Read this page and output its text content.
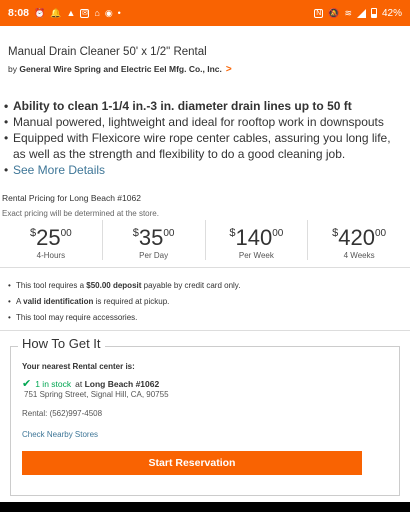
8:08 ⏰ 🔔 ▲ ✉ ⌂ ◉ •	N 🔕 ≋	42%
Manual Drain Cleaner 50' x 1/2" Rental
by General Wire Spring and Electric Eel Mfg. Co., Inc. >
• Ability to clean 1-1/4 in.-3 in. diameter drain lines up to 50 ft
• Manual powered, lightweight and ideal for rooftop work in downspouts
• Equipped with Flexicore wire rope center cables, assuring you long life, as well as the strength and flexibility to do a good cleaning job.
• See More Details
Rental Pricing for Long Beach #1062
Exact pricing will be determined at the store.
$^{\$}25^{00}$
4-Hours
$^{\$}35^{00}$
Per Day
$^{\$}140^{00}$
Per Week
$^{\$}420^{00}$
4 Weeks
• This tool requires a $50.00 deposit payable by credit card only.
• A valid identification is required at pickup.
• This tool may require accessories.
How To Get It
Your nearest Rental center is:
✔ 1 in stock at Long Beach #1062
751 Spring Street, Signal Hill, CA, 90755
Rental: (562)997-4508
Check Nearby Stores
Start Reservation
